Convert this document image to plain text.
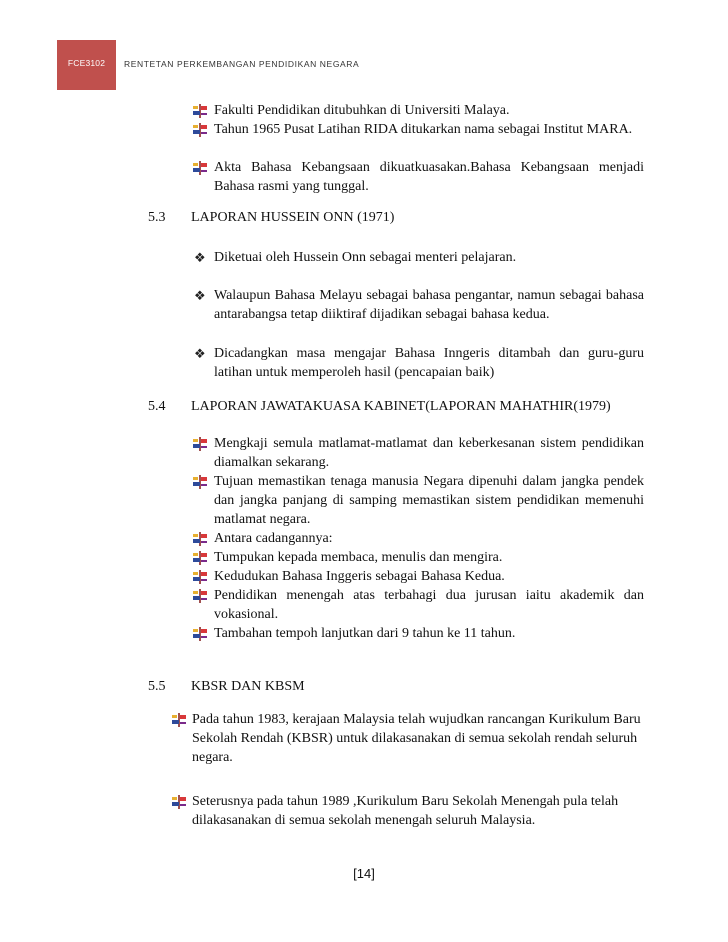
FCE3102	RENTETAN PERKEMBANGAN PENDIDIKAN NEGARA
Fakulti Pendidikan ditubuhkan di Universiti Malaya.
Tahun 1965 Pusat Latihan RIDA ditukarkan nama sebagai Institut MARA.
Akta Bahasa Kebangsaan dikuatkuasakan.Bahasa Kebangsaan menjadi Bahasa rasmi yang tunggal.
5.3 LAPORAN HUSSEIN ONN (1971)
❖ Diketuai oleh Hussein Onn sebagai menteri pelajaran.
❖ Walaupun Bahasa Melayu sebagai bahasa pengantar, namun sebagai bahasa antarabangsa tetap diiktiraf dijadikan sebagai bahasa kedua.
❖ Dicadangkan masa mengajar Bahasa Inngeris ditambah dan guru-guru latihan untuk memperoleh hasil (pencapaian baik)
5.4 LAPORAN JAWATAKUASA KABINET(LAPORAN MAHATHIR(1979)
Mengkaji semula matlamat-matlamat dan keberkesanan sistem pendidikan diamalkan sekarang.
Tujuan memastikan tenaga manusia Negara dipenuhi dalam jangka pendek dan jangka panjang di samping memastikan sistem pendidikan memenuhi matlamat negara.
Antara cadangannya:
Tumpukan kepada membaca, menulis dan mengira.
Kedudukan Bahasa Inggeris sebagai Bahasa Kedua.
Pendidikan menengah atas terbahagi dua jurusan iaitu akademik dan vokasional.
Tambahan tempoh lanjutkan dari 9 tahun ke 11 tahun.
5.5 KBSR DAN KBSM
Pada tahun 1983, kerajaan Malaysia telah wujudkan rancangan Kurikulum Baru Sekolah Rendah (KBSR) untuk dilakasanakan di semua sekolah rendah seluruh negara.
Seterusnya pada tahun 1989 ,Kurikulum Baru Sekolah Menengah pula telah dilakasanakan di semua sekolah menengah seluruh Malaysia.
[14]
